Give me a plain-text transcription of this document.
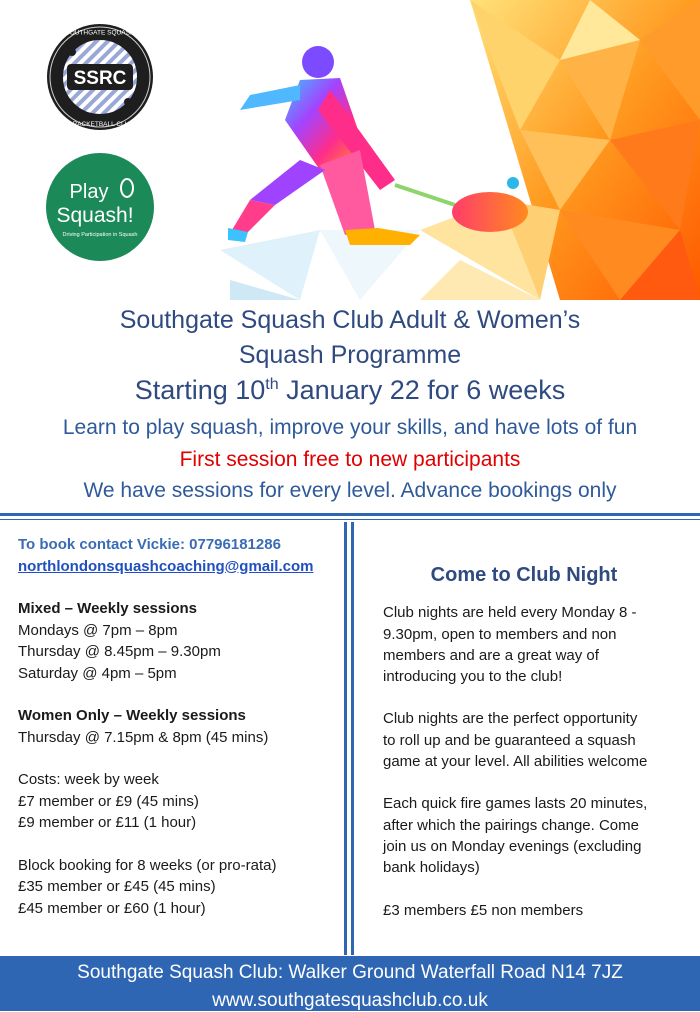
SSRC
SOUTHGATE SQUASH
& RACKETBALL CLUB
Play
Squash!
Driving Participation in Squash
Southgate Squash Club Adult & Women’s
Squash Programme
Starting 10th January 22 for 6 weeks
Learn to play squash, improve your skills, and have lots of fun
First session free to new participants
We have sessions for every level. Advance bookings only
To book contact Vickie: 07796181286
northlondonsquashcoaching@gmail.com
Mixed – Weekly sessions
Mondays @ 7pm – 8pm
Thursday @ 8.45pm – 9.30pm
Saturday @ 4pm – 5pm
Women Only – Weekly sessions
Thursday @ 7.15pm & 8pm (45 mins)
Costs: week by week
£7 member or £9 (45 mins)
£9 member or £11 (1 hour)
Block booking for 8 weeks (or pro-rata)
£35 member or £45 (45 mins)
£45 member or £60 (1 hour)
Come to Club Night
Club nights are held every Monday 8 -
9.30pm, open to members and non
members and are a great way of
introducing you to the club!
Club nights are the perfect opportunity
to roll up and be guaranteed a squash
game at your level. All abilities welcome
Each quick fire games lasts 20 minutes,
after which the pairings change. Come
join us on Monday evenings (excluding
bank holidays)
£3 members £5 non members
Southgate Squash Club: Walker Ground Waterfall Road N14 7JZ
www.southgatesquashclub.co.uk
